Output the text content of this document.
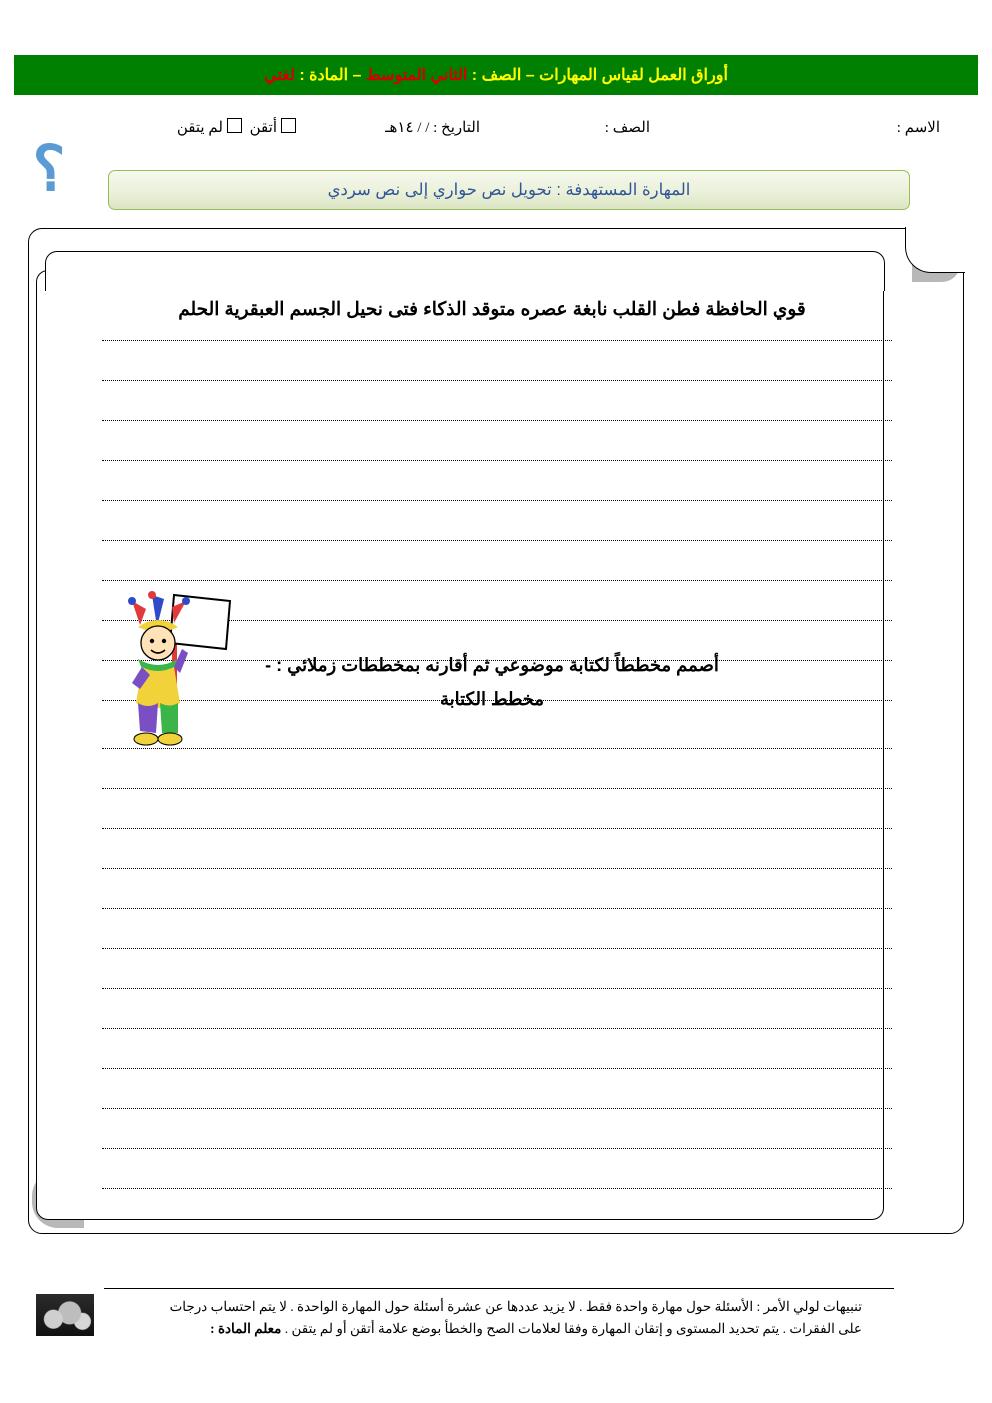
أوراق العمل لقياس المهارات – الصف : الثاني المتوسط – المادة : لغتي
الاسم :
الصف :
التاريخ : / / ١٤هـ
أتقن لم يتقن
؟	المهارة المستهدفة : تحويل نص حواري إلى نص سردي
قوي الحافظة فطن القلب نابغة عصره متوقد الذكاء فتى نحيل الجسم العبقرية الحلم
أصمم مخططاً لكتابة موضوعي ثم أقارنه بمخططات زملائي : -
مخطط الكتابة
تنبيهات لولي الأمر : الأسئلة حول مهارة واحدة فقط . لا يزيد عددها عن عشرة أسئلة حول المهارة الواحدة . لا يتم احتساب درجات
على الفقرات . يتم تحديد المستوى و إتقان المهارة وفقا لعلامات الصح والخطأ بوضع علامة أتقن أو لم يتقن . معلم المادة :
